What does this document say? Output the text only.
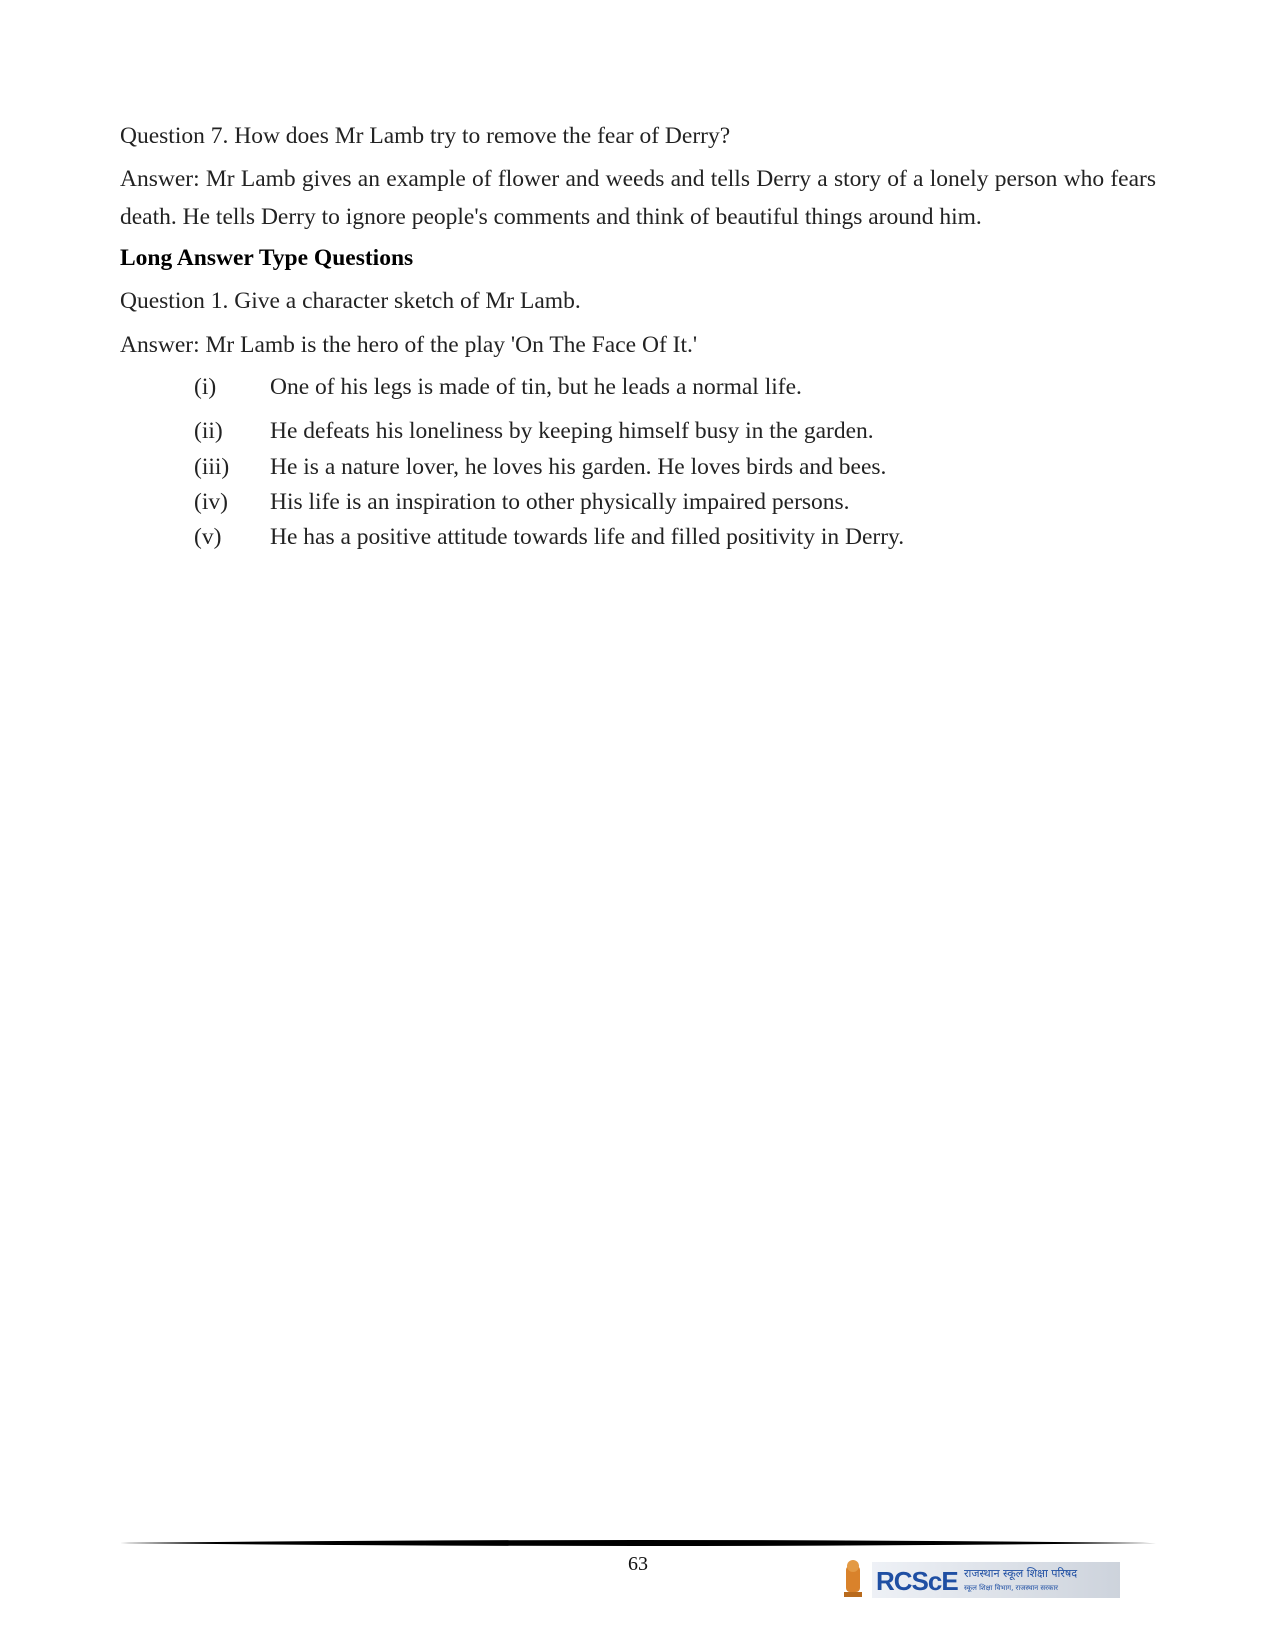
Question 7. How does Mr Lamb try to remove the fear of Derry?

Answer: Mr Lamb gives an example of flower and weeds and tells Derry a story of a lonely person who fears death. He tells Derry to ignore people's comments and think of beautiful things around him.

Long Answer Type Questions

Question 1. Give a character sketch of Mr Lamb.

Answer: Mr Lamb is the hero of the play 'On The Face Of It.'

(i)	One of his legs is made of tin, but he leads a normal life.
(ii)	He defeats his loneliness by keeping himself busy in the garden.
(iii)	He is a nature lover, he loves his garden. He loves birds and bees.
(iv)	His life is an inspiration to other physically impaired persons.
(v)	He has a positive attitude towards life and filled positivity in Derry.
63
RCScE राजस्थान स्कूल शिक्षा परिषद
स्कूल शिक्षा विभाग, राजस्थान सरकार
